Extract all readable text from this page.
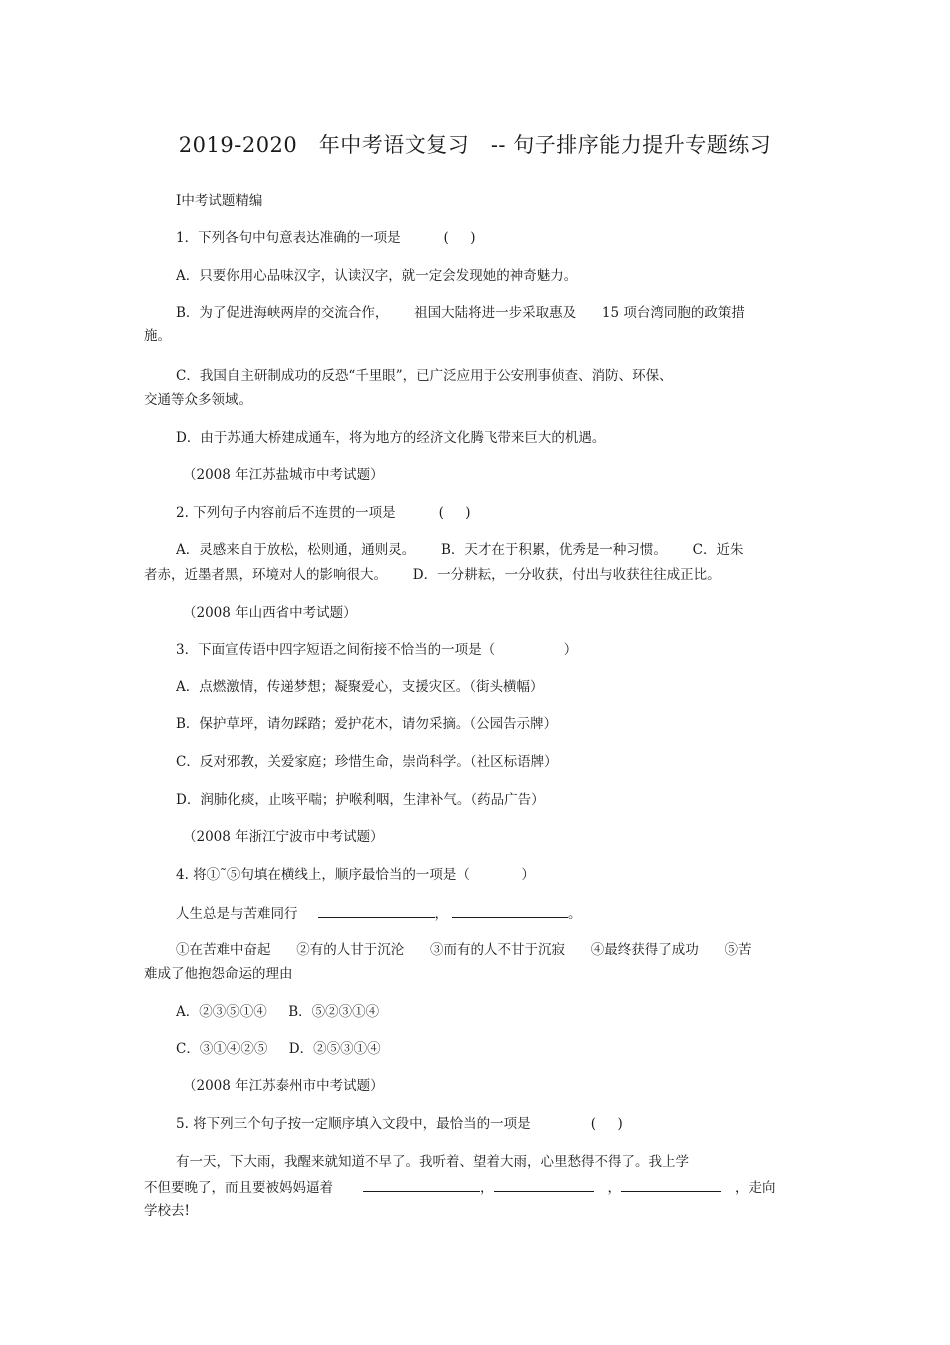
2019-2020   年中考语文复习   -- 句子排序能力提升专题练习
Ⅰ中考试题精编
1．下列各句中句意表达准确的一项是          (     )
A．只要你用心品味汉字，认读汉字，就一定会发现她的神奇魅力。
B．为了促进海峡两岸的交流合作，      祖国大陆将进一步采取惠及      15 项台湾同胞的政策措
施。
C．我国自主研制成功的反恐“千里眼”，已广泛应用于公安刑事侦查、消防、环保、
交通等众多领域。
D．由于苏通大桥建成通车，将为地方的经济文化腾飞带来巨大的机遇。
（2008 年江苏盐城市中考试题）
2. 下列句子内容前后不连贯的一项是          (     )
A．灵感来自于放松，松则通，通则灵。      B．天才在于积累，优秀是一种习惯。      C．近朱
者赤，近墨者黑，环境对人的影响很大。      D．一分耕耘，一分收获，付出与收获往往成正比。
（2008 年山西省中考试题）
3．下面宣传语中四字短语之间衔接不恰当的一项是（                ）
A．点燃激情，传递梦想；凝聚爱心，支援灾区。（街头横幅）
B．保护草坪，请勿踩踏；爱护花木，请勿采摘。（公园告示牌）
C．反对邪教，关爱家庭；珍惜生命，崇尚科学。（社区标语牌）
D．润肺化痰，止咳平喘；护喉利咽，生津补气。（药品广告）
（2008 年浙江宁波市中考试题）
4. 将①˜⑤句填在横线上，顺序最恰当的一项是（            ）
人生总是与苦难同行	，	。
①在苦难中奋起      ②有的人甘于沉沦      ③而有的人不甘于沉寂      ④最终获得了成功      ⑤苦
难成了他抱怨命运的理由
A．②③⑤①④     B．⑤②③①④
C．③①④②⑤     D．②⑤③①④
（2008 年江苏泰州市中考试题）
5. 将下列三个句子按一定顺序填入文段中，最恰当的一项是              (     )
有一天，下大雨，我醒来就知道不早了。我听着、望着大雨，心里愁得不得了。我上学
不但要晚了，而且要被妈妈逼着	，	，	，走向
学校去!
